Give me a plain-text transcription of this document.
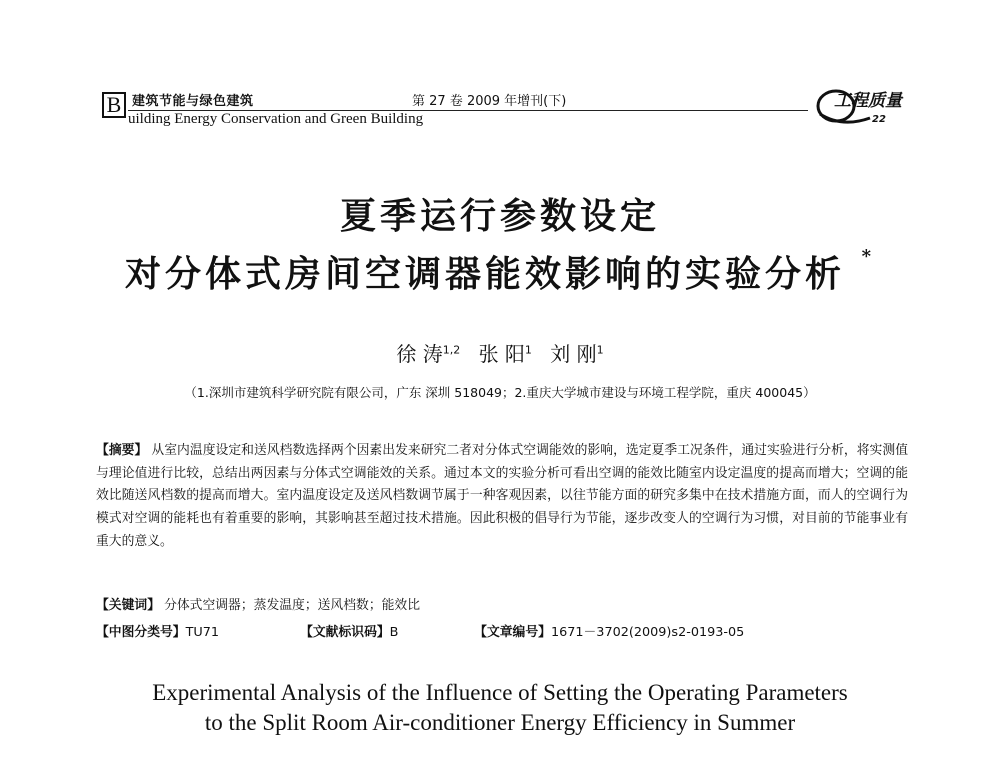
B 建筑节能与绿色建筑	第 27 卷 2009 年增刊(下)
uilding Energy Conservation and Green Building
工程质量
22
夏季运行参数设定
对分体式房间空调器能效影响的实验分析 *
徐 涛$^{1,2}$ 张 阳$^1$ 刘 刚$^1$
（1.深圳市建筑科学研究院有限公司，广东 深圳 518049；2.重庆大学城市建设与环境工程学院，重庆 400045）
【摘要】 从室内温度设定和送风档数选择两个因素出发来研究二者对分体式空调能效的影响，选定夏季工况条件，通过实验进行分析，将实测值与理论值进行比较，总结出两因素与分体式空调能效的关系。通过本文的实验分析可看出空调的能效比随室内设定温度的提高而增大；空调的能效比随送风档数的提高而增大。室内温度设定及送风档数调节属于一种客观因素，以往节能方面的研究多集中在技术措施方面，而人的空调行为模式对空调的能耗也有着重要的影响，其影响甚至超过技术措施。因此积极的倡导行为节能，逐步改变人的空调行为习惯，对目前的节能事业有重大的意义。
【关键词】 分体式空调器；蒸发温度；送风档数；能效比
【中图分类号】TU71	【文献标识码】B	【文章编号】1671－3702(2009)s2-0193-05
Experimental Analysis of the Influence of Setting the Operating Parameters
to the Split Room Air-conditioner Energy Efficiency in Summer
